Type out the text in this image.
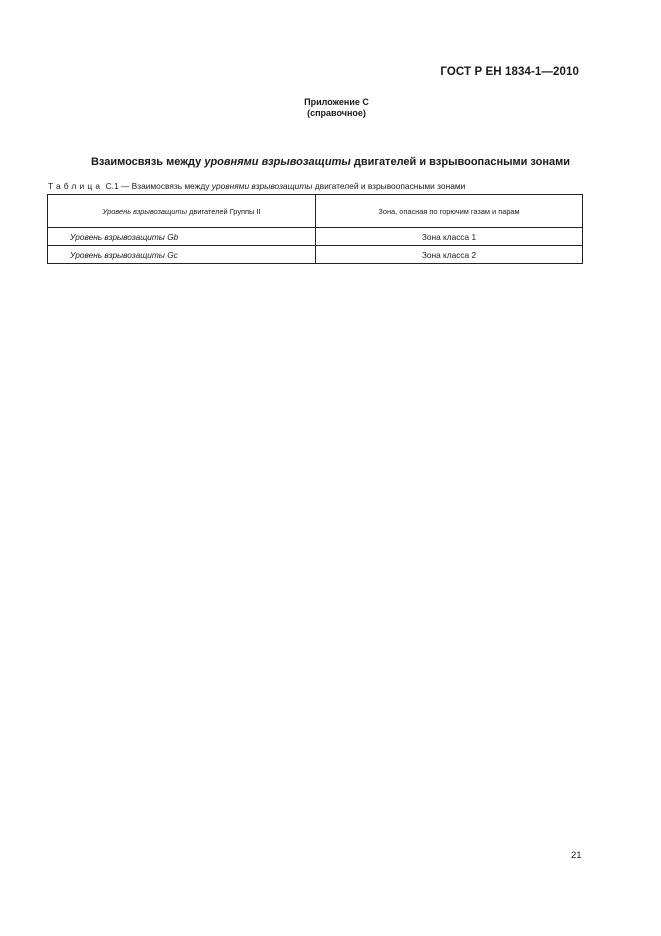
ГОСТ Р ЕН 1834-1—2010
Приложение С
(справочное)
Взаимосвязь между уровнями взрывозащиты двигателей и взрывоопасными зонами
Таблица С.1 — Взаимосвязь между уровнями взрывозащиты двигателей и взрывоопасными зонами
Уровень взрывозащиты двигателей Группы II	Зона, опасная по горючим газам и парам
Уровень взрывозащиты Gb	Зона класса 1
Уровень взрывозащиты Gc	Зона класса 2
21
